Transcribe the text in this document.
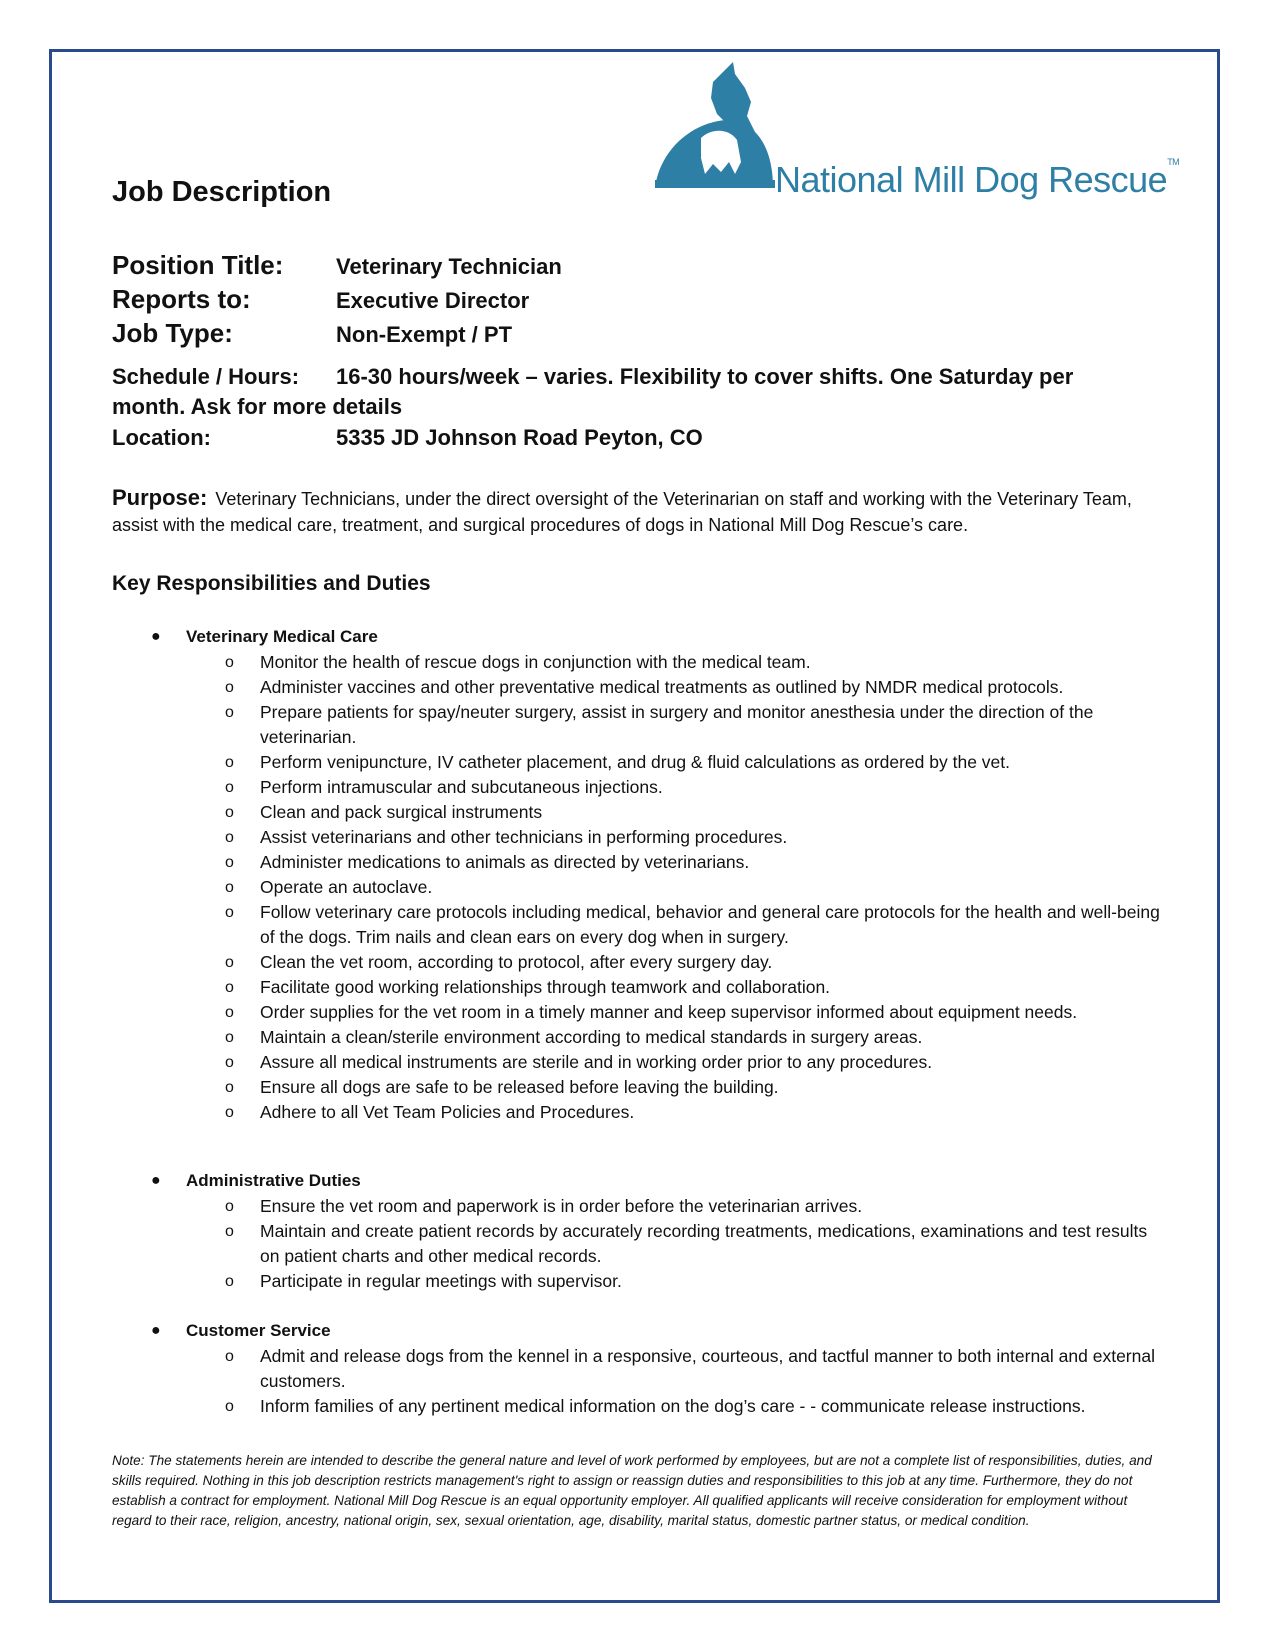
National Mill Dog Rescue™
Job Description
Position Title: Veterinary Technician
Reports to:	Executive Director
Job Type:	Non-Exempt / PT
Schedule / Hours: 16-30 hours/week – varies. Flexibility to cover shifts. One Saturday per
month. Ask for more details
Location:	5335 JD Johnson Road Peyton, CO
Purpose: Veterinary Technicians, under the direct oversight of the Veterinarian on staff and working with the Veterinary Team, assist with the medical care, treatment, and surgical procedures of dogs in National Mill Dog Rescue’s care.
Key Responsibilities and Duties
● Veterinary Medical Care
o Monitor the health of rescue dogs in conjunction with the medical team.
o Administer vaccines and other preventative medical treatments as outlined by NMDR medical protocols.
o Prepare patients for spay/neuter surgery, assist in surgery and monitor anesthesia under the direction of the veterinarian.
o Perform venipuncture, IV catheter placement, and drug & fluid calculations as ordered by the vet.
o Perform intramuscular and subcutaneous injections.
o Clean and pack surgical instruments
o Assist veterinarians and other technicians in performing procedures.
o Administer medications to animals as directed by veterinarians.
o Operate an autoclave.
o Follow veterinary care protocols including medical, behavior and general care protocols for the health and well-being of the dogs. Trim nails and clean ears on every dog when in surgery.
o Clean the vet room, according to protocol, after every surgery day.
o Facilitate good working relationships through teamwork and collaboration.
o Order supplies for the vet room in a timely manner and keep supervisor informed about equipment needs.
o Maintain a clean/sterile environment according to medical standards in surgery areas.
o Assure all medical instruments are sterile and in working order prior to any procedures.
o Ensure all dogs are safe to be released before leaving the building.
o Adhere to all Vet Team Policies and Procedures.
● Administrative Duties
o Ensure the vet room and paperwork is in order before the veterinarian arrives.
o Maintain and create patient records by accurately recording treatments, medications, examinations and test results on patient charts and other medical records.
o Participate in regular meetings with supervisor.
● Customer Service
o Admit and release dogs from the kennel in a responsive, courteous, and tactful manner to both internal and external customers.
o Inform families of any pertinent medical information on the dog’s care - - communicate release instructions.
Note: The statements herein are intended to describe the general nature and level of work performed by employees, but are not a complete list of responsibilities, duties, and skills required. Nothing in this job description restricts management's right to assign or reassign duties and responsibilities to this job at any time. Furthermore, they do not establish a contract for employment. National Mill Dog Rescue is an equal opportunity employer. All qualified applicants will receive consideration for employment without regard to their race, religion, ancestry, national origin, sex, sexual orientation, age, disability, marital status, domestic partner status, or medical condition.
